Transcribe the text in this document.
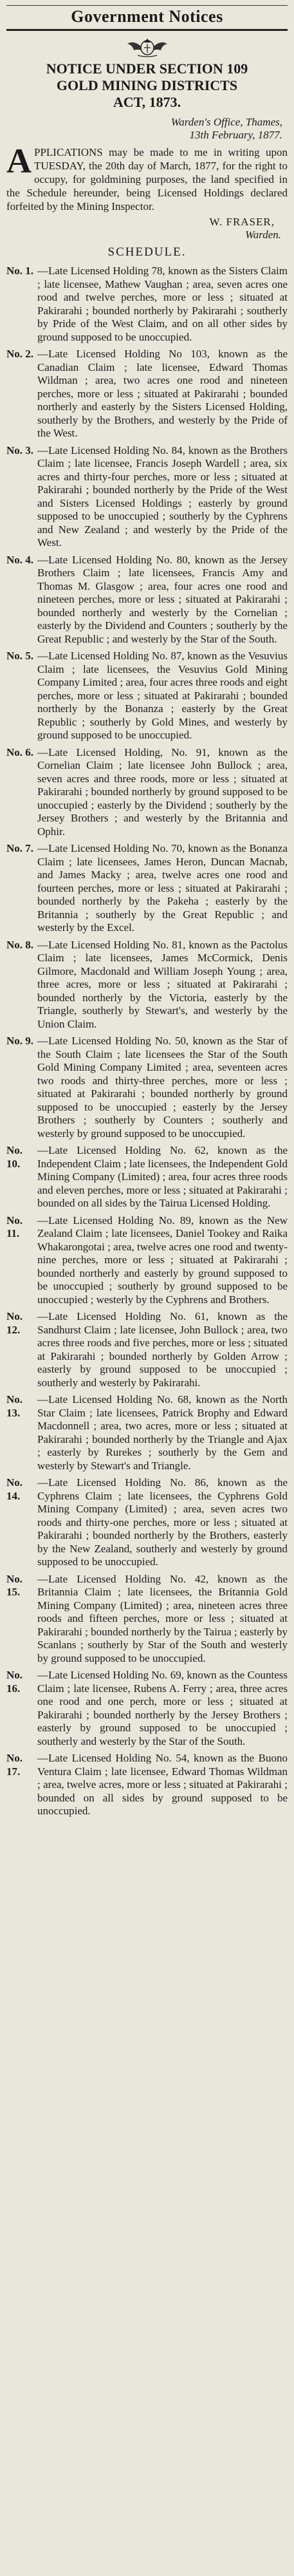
Government Notices
NOTICE UNDER SECTION 109
GOLD MINING DISTRICTS
ACT, 1873.
Warden's Office, Thames,
13th February, 1877.

APPLICATIONS may be made to me in writing upon TUESDAY, the 20th day of March, 1877, for the right to occupy, for goldmining purposes, the land specified in the Schedule hereunder, being Licensed Holdings declared forfeited by the Mining Inspector.

W. FRASER,
Warden.
SCHEDULE.
No. 1. —Late Licensed Holding 78, known as the Sisters Claim ; late licensee, Mathew Vaughan ; area, seven acres one rood and twelve perches, more or less ; situated at Pakirarahi ; bounded northerly by Pakirarahi ; southerly by Pride of the West Claim, and on all other sides by ground supposed to be unoccupied.
No. 2. —Late Licensed Holding No 103, known as the Canadian Claim ; late licensee, Edward Thomas Wildman ; area, two acres one rood and nineteen perches, more or less ; situated at Pakirarahi ; bounded northerly and easterly by the Sisters Licensed Holding, southerly by the Brothers, and westerly by the Pride of the West.
No. 3. —Late Licensed Holding No. 84, known as the Brothers Claim ; late licensee, Francis Joseph Wardell ; area, six acres and thirty-four perches, more or less ; situated at Pakirarahi ; bounded northerly by the Pride of the West and Sisters Licensed Holdings ; easterly by ground supposed to be unoccupied ; southerly by the Cyphrens and New Zealand ; and westerly by the Pride of the West.
No. 4. —Late Licensed Holding No. 80, known as the Jersey Brothers Claim ; late licensees, Francis Amy and Thomas M. Glasgow ; area, four acres one rood and nineteen perches, more or less ; situated at Pakirarahi ; bounded northerly and westerly by the Cornelian ; easterly by the Dividend and Counters ; southerly by the Great Republic ; and westerly by the Star of the South.
No. 5. —Late Licensed Holding No. 87, known as the Vesuvius Claim ; late licensees, the Vesuvius Gold Mining Company Limited ; area, four acres three roods and eight perches, more or less ; situated at Pakirarahi ; bounded northerly by the Bonanza ; easterly by the Great Republic ; southerly by Gold Mines, and westerly by ground supposed to be unoccupied.
No. 6. —Late Licensed Holding, No. 91, known as the Cornelian Claim ; late licensee John Bullock ; area, seven acres and three roods, more or less ; situated at Pakirarahi ; bounded northerly by ground supposed to be unoccupied ; easterly by the Dividend ; southerly by the Jersey Brothers ; and westerly by the Britannia and Ophir.
No. 7. —Late Licensed Holding No. 70, known as the Bonanza Claim ; late licensees, James Heron, Duncan Macnab, and James Macky ; area, twelve acres one rood and fourteen perches, more or less ; situated at Pakirarahi ; bounded northerly by the Pakeha ; easterly by the Britannia ; southerly by the Great Republic ; and westerly by the Excel.
No. 8. —Late Licensed Holding No. 81, known as the Pactolus Claim ; late licensees, James McCormick, Denis Gilmore, Macdonald and William Joseph Young ; area, three acres, more or less ; situated at Pakirarahi ; bounded northerly by the Victoria, easterly by the Triangle, southerly by Stewart's, and westerly by the Union Claim.
No. 9. —Late Licensed Holding No. 50, known as the Star of the South Claim ; late licensees the Star of the South Gold Mining Company Limited ; area, seventeen acres two roods and thirty-three perches, more or less ; situated at Pakirarahi ; bounded northerly by ground supposed to be unoccupied ; easterly by the Jersey Brothers ; southerly by Counters ; southerly and westerly by ground supposed to be unoccupied.
No. 10.
—Late Licensed Holding No. 62, known as the Independent Claim ; late licensees, the Independent Gold Mining Company (Limited) ; area, four acres three roods and eleven perches, more or less ; situated at Pakirarahi ; bounded on all sides by the Tairua Licensed Holding.
No. 11.
—Late Licensed Holding No. 89, known as the New Zealand Claim ; late licensees, Daniel Tookey and Raika Whakarongotai ; area, twelve acres one rood and twenty-nine perches, more or less ; situated at Pakirarahi ; bounded northerly and easterly by ground supposed to be unoccupied ; southerly by ground supposed to be unoccupied ; westerly by the Cyphrens and Brothers.
No. 12.
—Late Licensed Holding No. 61, known as the Sandhurst Claim ; late licensee, John Bullock ; area, two acres three roods and five perches, more or less ; situated at Pakirarahi ; bounded northerly by Golden Arrow ; easterly by ground supposed to be unoccupied ; southerly and westerly by Pakirarahi.
No. 13.
—Late Licensed Holding No. 68, known as the North Star Claim ; late licensees, Patrick Brophy and Edward Macdonnell ; area, two acres, more or less ; situated at Pakirarahi ; bounded northerly by the Triangle and Ajax ; easterly by Rurekes ; southerly by the Gem and westerly by Stewart's and Triangle.
No. 14.
—Late Licensed Holding No. 86, known as the Cyphrens Claim ; late licensees, the Cyphrens Gold Mining Company (Limited) ; area, seven acres two roods and thirty-one perches, more or less ; situated at Pakirarahi ; bounded northerly by the Brothers, easterly by the New Zealand, southerly and westerly by ground supposed to be unoccupied.
No. 15.
—Late Licensed Holding No. 42, known as the Britannia Claim ; late licensees, the Britannia Gold Mining Company (Limited) ; area, nineteen acres three roods and fifteen perches, more or less ; situated at Pakirarahi ; bounded northerly by the Tairua ; easterly by Scanlans ; southerly by Star of the South and westerly by ground supposed to be unoccupied.
No. 16.
—Late Licensed Holding No. 69, known as the Countess Claim ; late licensee, Rubens A. Ferry ; area, three acres one rood and one perch, more or less ; situated at Pakirarahi ; bounded northerly by the Jersey Brothers ; easterly by ground supposed to be unoccupied ; southerly and westerly by the Star of the South.
No. 17.
—Late Licensed Holding No. 54, known as the Buono Ventura Claim ; late licensee, Edward Thomas Wildman ; area, twelve acres, more or less ; situated at Pakirarahi ; bounded on all sides by ground supposed to be unoccupied.
